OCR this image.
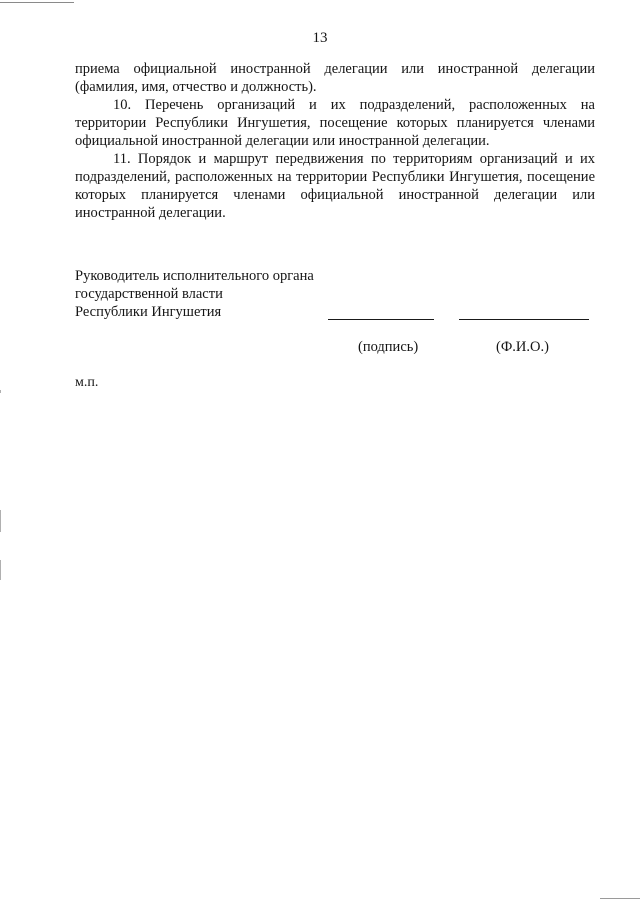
13

приема официальной иностранной делегации или иностранной делегации (фамилия, имя, отчество и должность).

10. Перечень организаций и их подразделений, расположенных на территории Республики Ингушетия, посещение которых планируется членами официальной иностранной делегации или иностранной делегации.

11. Порядок и маршрут передвижения по территориям организаций и их подразделений, расположенных на территории Республики Ингушетия, посещение которых планируется членами официальной иностранной делегации или иностранной делегации.

Руководитель исполнительного органа
государственной власти
Республики Ингушетия
(подпись)	(Ф.И.О.)
м.п.
